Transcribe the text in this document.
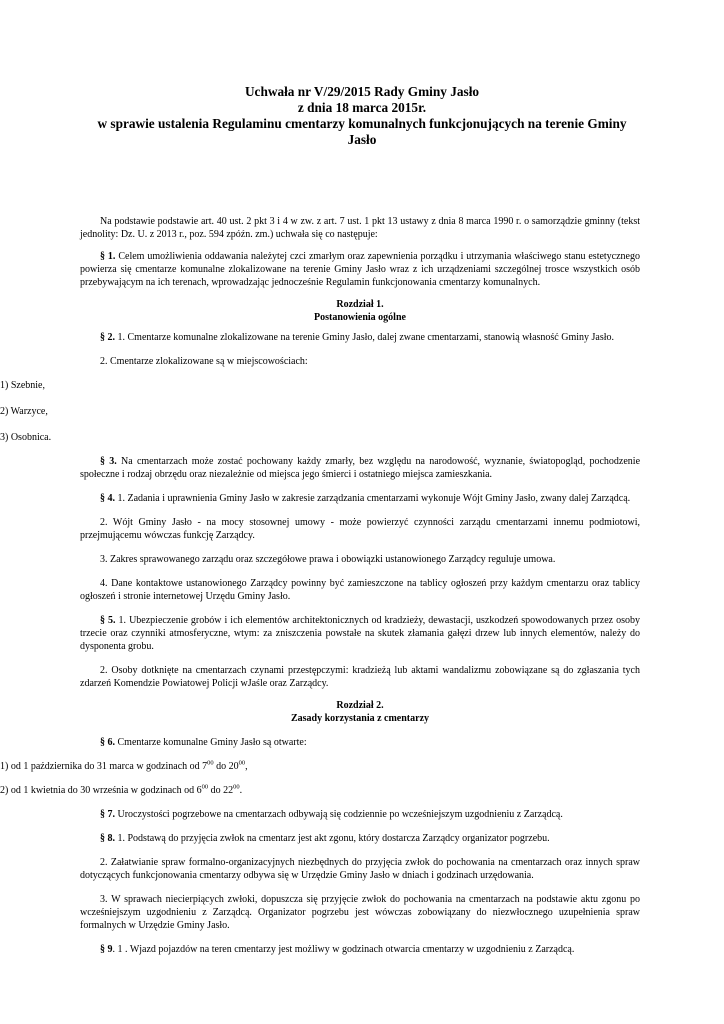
Uchwała nr V/29/2015 Rady Gminy Jasło
z dnia 18 marca 2015r.
w sprawie ustalenia Regulaminu cmentarzy komunalnych funkcjonujących na terenie Gminy
Jasło

Na podstawie podstawie art. 40 ust. 2 pkt 3 i 4 w zw. z art. 7 ust. 1 pkt 13 ustawy z dnia 8 marca 1990 r. o samorządzie gminny (tekst jednolity: Dz. U. z 2013 r., poz. 594 zpóźn. zm.) uchwała się co następuje:

§ 1. Celem umożliwienia oddawania należytej czci zmarłym oraz zapewnienia porządku i utrzymania właściwego stanu estetycznego powierza się cmentarze komunalne zlokalizowane na terenie Gminy Jasło wraz z ich urządzeniami szczególnej trosce wszystkich osób przebywającym na ich terenach, wprowadzając jednocześnie Regulamin funkcjonowania cmentarzy komunalnych.

Rozdział 1.
Postanowienia ogólne

§ 2. 1. Cmentarze komunalne zlokalizowane na terenie Gminy Jasło, dalej zwane cmentarzami, stanowią własność Gminy Jasło.

2. Cmentarze zlokalizowane są w miejscowościach:

1) Szebnie,

2) Warzyce,

3) Osobnica.

§ 3. Na cmentarzach może zostać pochowany każdy zmarły, bez względu na narodowość, wyznanie, światopogląd, pochodzenie społeczne i rodzaj obrzędu oraz niezależnie od miejsca jego śmierci i ostatniego miejsca zamieszkania.

§ 4. 1. Zadania i uprawnienia Gminy Jasło w zakresie zarządzania cmentarzami wykonuje Wójt Gminy Jasło, zwany dalej Zarządcą.

2. Wójt Gminy Jasło - na mocy stosownej umowy - może powierzyć czynności zarządu cmentarzami innemu podmiotowi, przejmującemu wówczas funkcję Zarządcy.

3. Zakres sprawowanego zarządu oraz szczegółowe prawa i obowiązki ustanowionego Zarządcy reguluje umowa.

4. Dane kontaktowe ustanowionego Zarządcy powinny być zamieszczone na tablicy ogłoszeń przy każdym cmentarzu oraz tablicy ogłoszeń i stronie internetowej Urzędu Gminy Jasło.

§ 5. 1. Ubezpieczenie grobów i ich elementów architektonicznych od kradzieży, dewastacji, uszkodzeń spowodowanych przez osoby trzecie oraz czynniki atmosferyczne, wtym: za zniszczenia powstałe na skutek złamania gałęzi drzew lub innych elementów, należy do dysponenta grobu.

2. Osoby dotknięte na cmentarzach czynami przestępczymi: kradzieżą lub aktami wandalizmu zobowiązane są do zgłaszania tych zdarzeń Komendzie Powiatowej Policji wJaśle oraz Zarządcy.

Rozdział 2.
Zasady korzystania z cmentarzy

§ 6. Cmentarze komunalne Gminy Jasło są otwarte:

1) od 1 października do 31 marca w godzinach od $7^{00}$ do $20^{00}$,

2) od 1 kwietnia do 30 września w godzinach od $6^{00}$ do $22^{00}$.

§ 7. Uroczystości pogrzebowe na cmentarzach odbywają się codziennie po wcześniejszym uzgodnieniu z Zarządcą.

§ 8. 1. Podstawą do przyjęcia zwłok na cmentarz jest akt zgonu, który dostarcza Zarządcy organizator pogrzebu.

2. Załatwianie spraw formalno-organizacyjnych niezbędnych do przyjęcia zwłok do pochowania na cmentarzach oraz innych spraw dotyczących funkcjonowania cmentarzy odbywa się w Urzędzie Gminy Jasło w dniach i godzinach urzędowania.

3. W sprawach niecierpiących zwłoki, dopuszcza się przyjęcie zwłok do pochowania na cmentarzach na podstawie aktu zgonu po wcześniejszym uzgodnieniu z Zarządcą. Organizator pogrzebu jest wówczas zobowiązany do niezwłocznego uzupełnienia spraw formalnych w Urzędzie Gminy Jasło.

§ 9. 1 . Wjazd pojazdów na teren cmentarzy jest możliwy w godzinach otwarcia cmentarzy w uzgodnieniu z Zarządcą.
